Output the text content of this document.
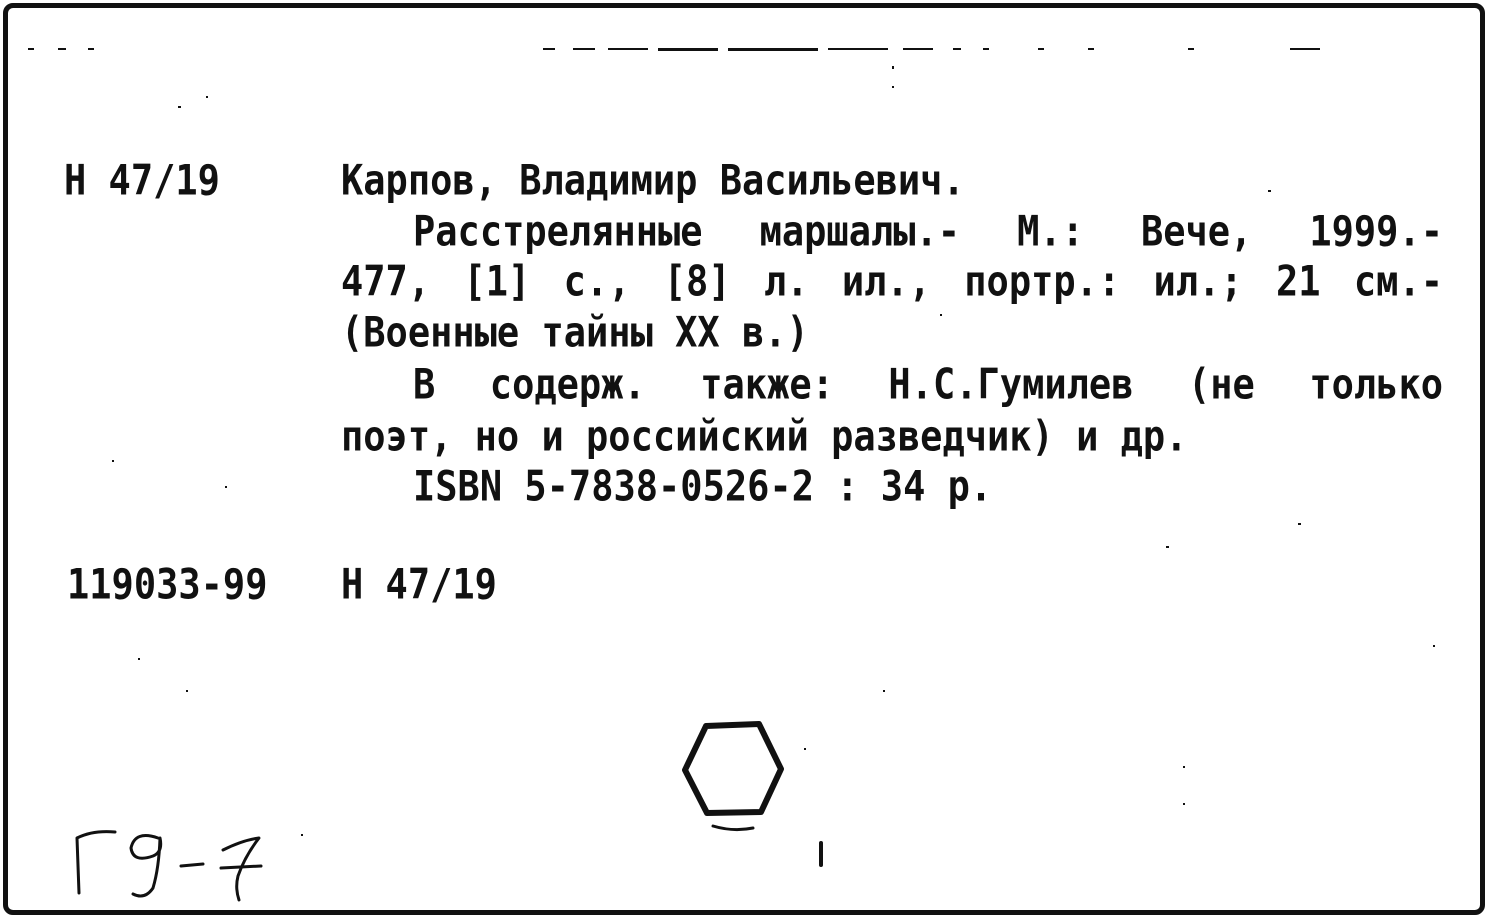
Н 47/19	Карпов, Владимир Васильевич.
Расстрелянные маршалы.- М.: Вече, 1999.-
477, [1] с., [8] л. ил., портр.: ил.; 21 см.-
(Военные тайны XX в.)
В содерж. также: Н.С.Гумилев (не только
поэт, но и российский разведчик) и др.
ISBN 5-7838-0526-2 : 34 р.
119033-99 Н 47/19
